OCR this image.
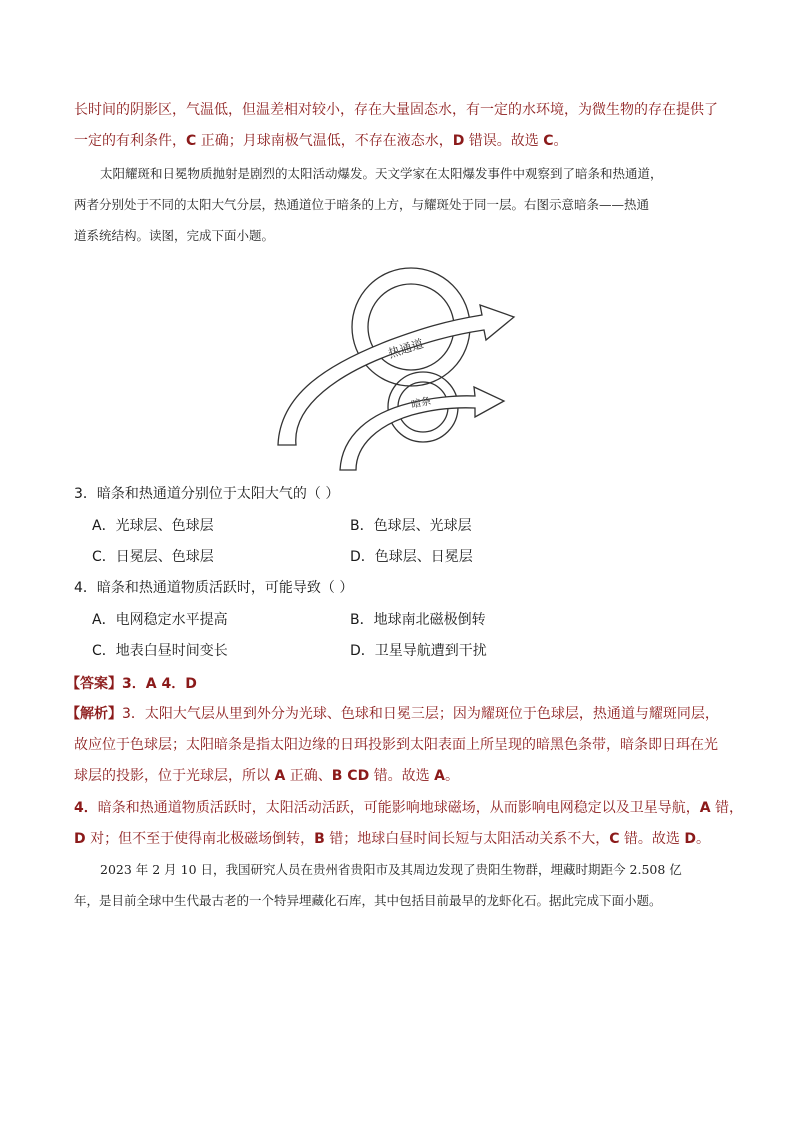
长时间的阴影区，气温低，但温差相对较小，存在大量固态水，有一定的水环境，为微生物的存在提供了
一定的有利条件，C 正确；月球南极气温低，不存在液态水，D 错误。故选 C。
太阳耀斑和日冕物质抛射是剧烈的太阳活动爆发。天文学家在太阳爆发事件中观察到了暗条和热通道，
两者分别处于不同的太阳大气分层，热通道位于暗条的上方，与耀斑处于同一层。右图示意暗条——热通
道系统结构。读图，完成下面小题。
热通道
暗条
3．暗条和热通道分别位于太阳大气的（ ）
A．光球层、色球层	B．色球层、光球层
C．日冕层、色球层	D．色球层、日冕层
4．暗条和热通道物质活跃时，可能导致（ ）
A．电网稳定水平提高	B．地球南北磁极倒转
C．地表白昼时间变长	D．卫星导航遭到干扰
【答案】3．A 4．D
【解析】3．太阳大气层从里到外分为光球、色球和日冕三层；因为耀斑位于色球层，热通道与耀斑同层，
故应位于色球层；太阳暗条是指太阳边缘的日珥投影到太阳表面上所呈现的暗黑色条带，暗条即日珥在光
球层的投影，位于光球层，所以 A 正确、B CD 错。故选 A。
4．暗条和热通道物质活跃时，太阳活动活跃，可能影响地球磁场，从而影响电网稳定以及卫星导航，A 错，
D 对；但不至于使得南北极磁场倒转，B 错；地球白昼时间长短与太阳活动关系不大，C 错。故选 D。
2023 年 2 月 10 日，我国研究人员在贵州省贵阳市及其周边发现了贵阳生物群，埋藏时期距今 2.508 亿
年，是目前全球中生代最古老的一个特异埋藏化石库，其中包括目前最早的龙虾化石。据此完成下面小题。
